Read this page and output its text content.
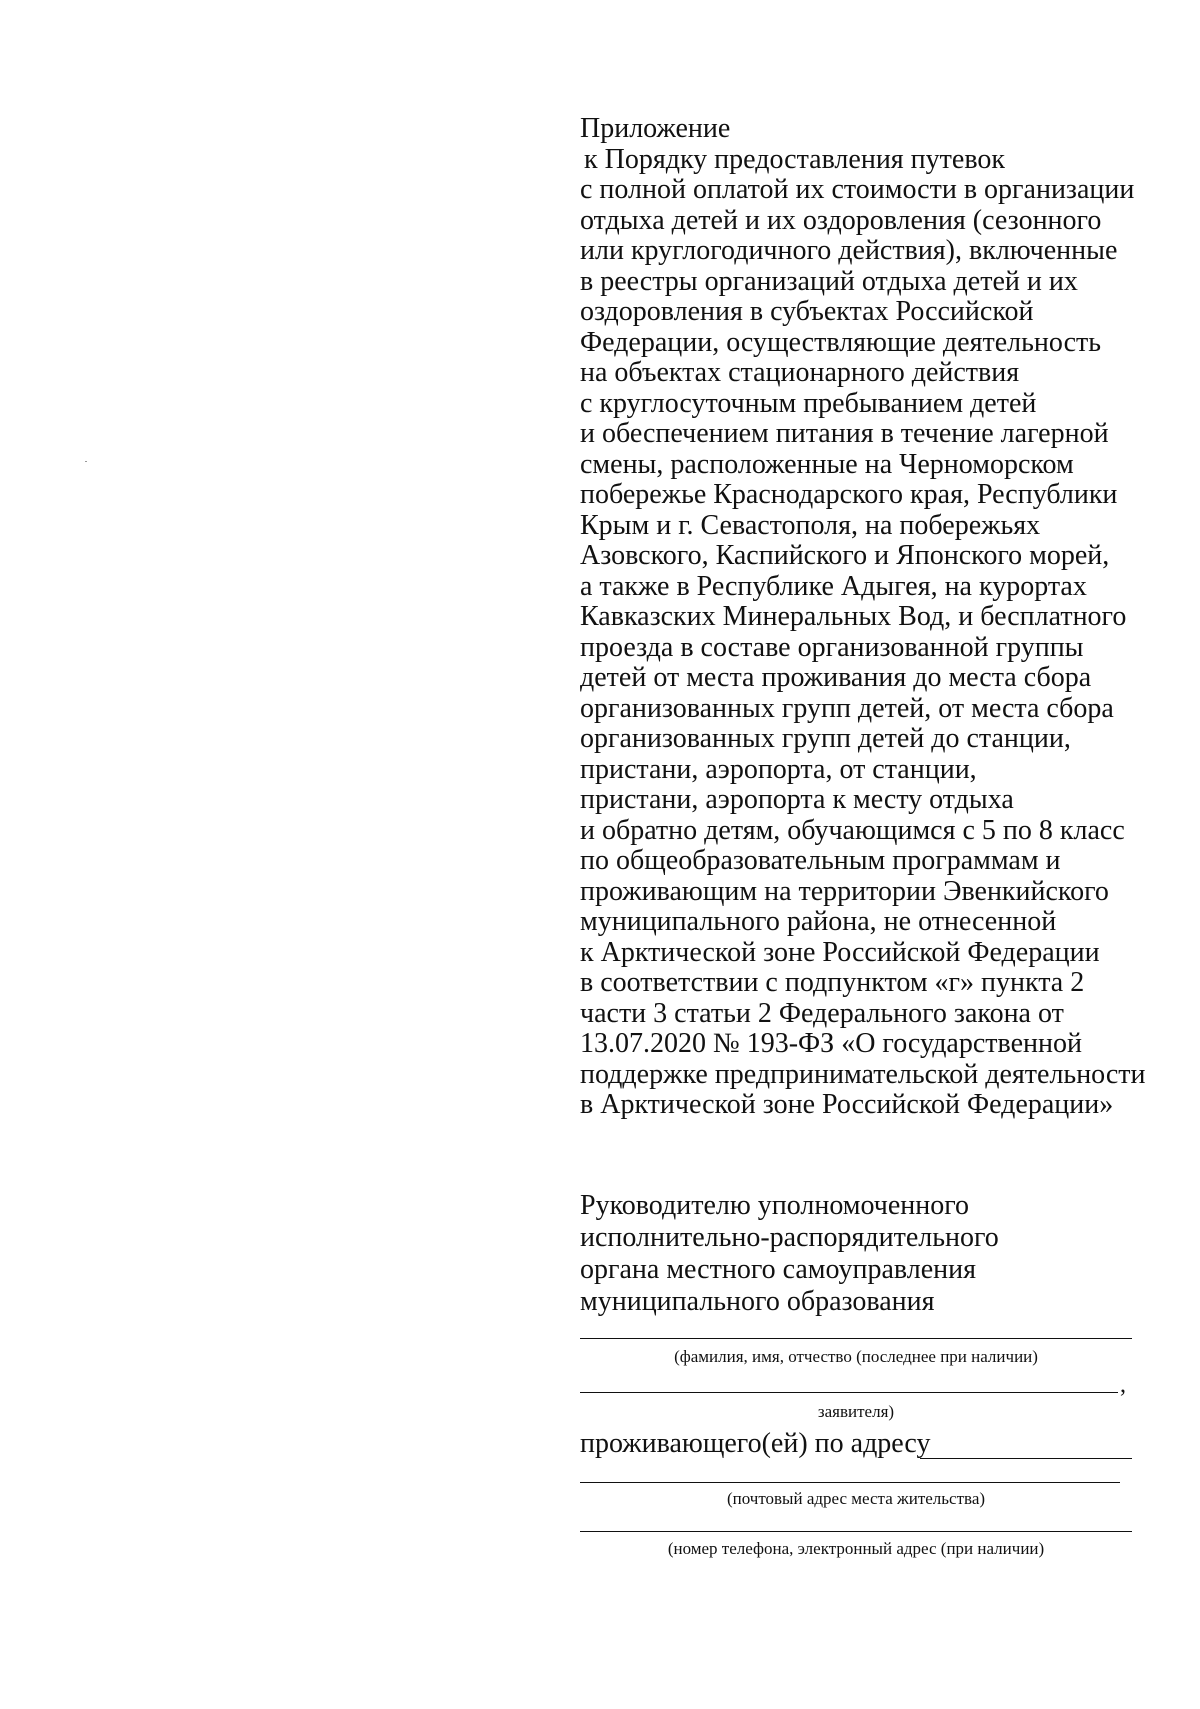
Приложение
к Порядку предоставления путевок
с полной оплатой их стоимости в организации
отдыха детей и их оздоровления (сезонного
или круглогодичного действия), включенные
в реестры организаций отдыха детей и их
оздоровления в субъектах Российской
Федерации, осуществляющие деятельность
на объектах стационарного действия
с круглосуточным пребыванием детей
и обеспечением питания в течение лагерной
смены, расположенные на Черноморском
побережье Краснодарского края, Республики
Крым и г. Севастополя, на побережьях
Азовского, Каспийского и Японского морей,
а также в Республике Адыгея, на курортах
Кавказских Минеральных Вод, и бесплатного
проезда в составе организованной группы
детей от места проживания до места сбора
организованных групп детей, от места сбора
организованных групп детей до станции,
пристани, аэропорта, от станции,
пристани, аэропорта к месту отдыха
и обратно детям, обучающимся с 5 по 8 класс
по общеобразовательным программам и
проживающим на территории Эвенкийского
муниципального района, не отнесенной
к Арктической зоне Российской Федерации
в соответствии с подпунктом «г» пункта 2
части 3 статьи 2 Федерального закона от
13.07.2020 № 193-ФЗ «О государственной
поддержке предпринимательской деятельности
в Арктической зоне Российской Федерации»
Руководителю уполномоченного
исполнительно-распорядительного
органа местного самоуправления
муниципального образования
(фамилия, имя, отчество (последнее при наличии)
,
заявителя)
проживающего(ей) по адресу
(почтовый адрес места жительства)
(номер телефона, электронный адрес (при наличии)
